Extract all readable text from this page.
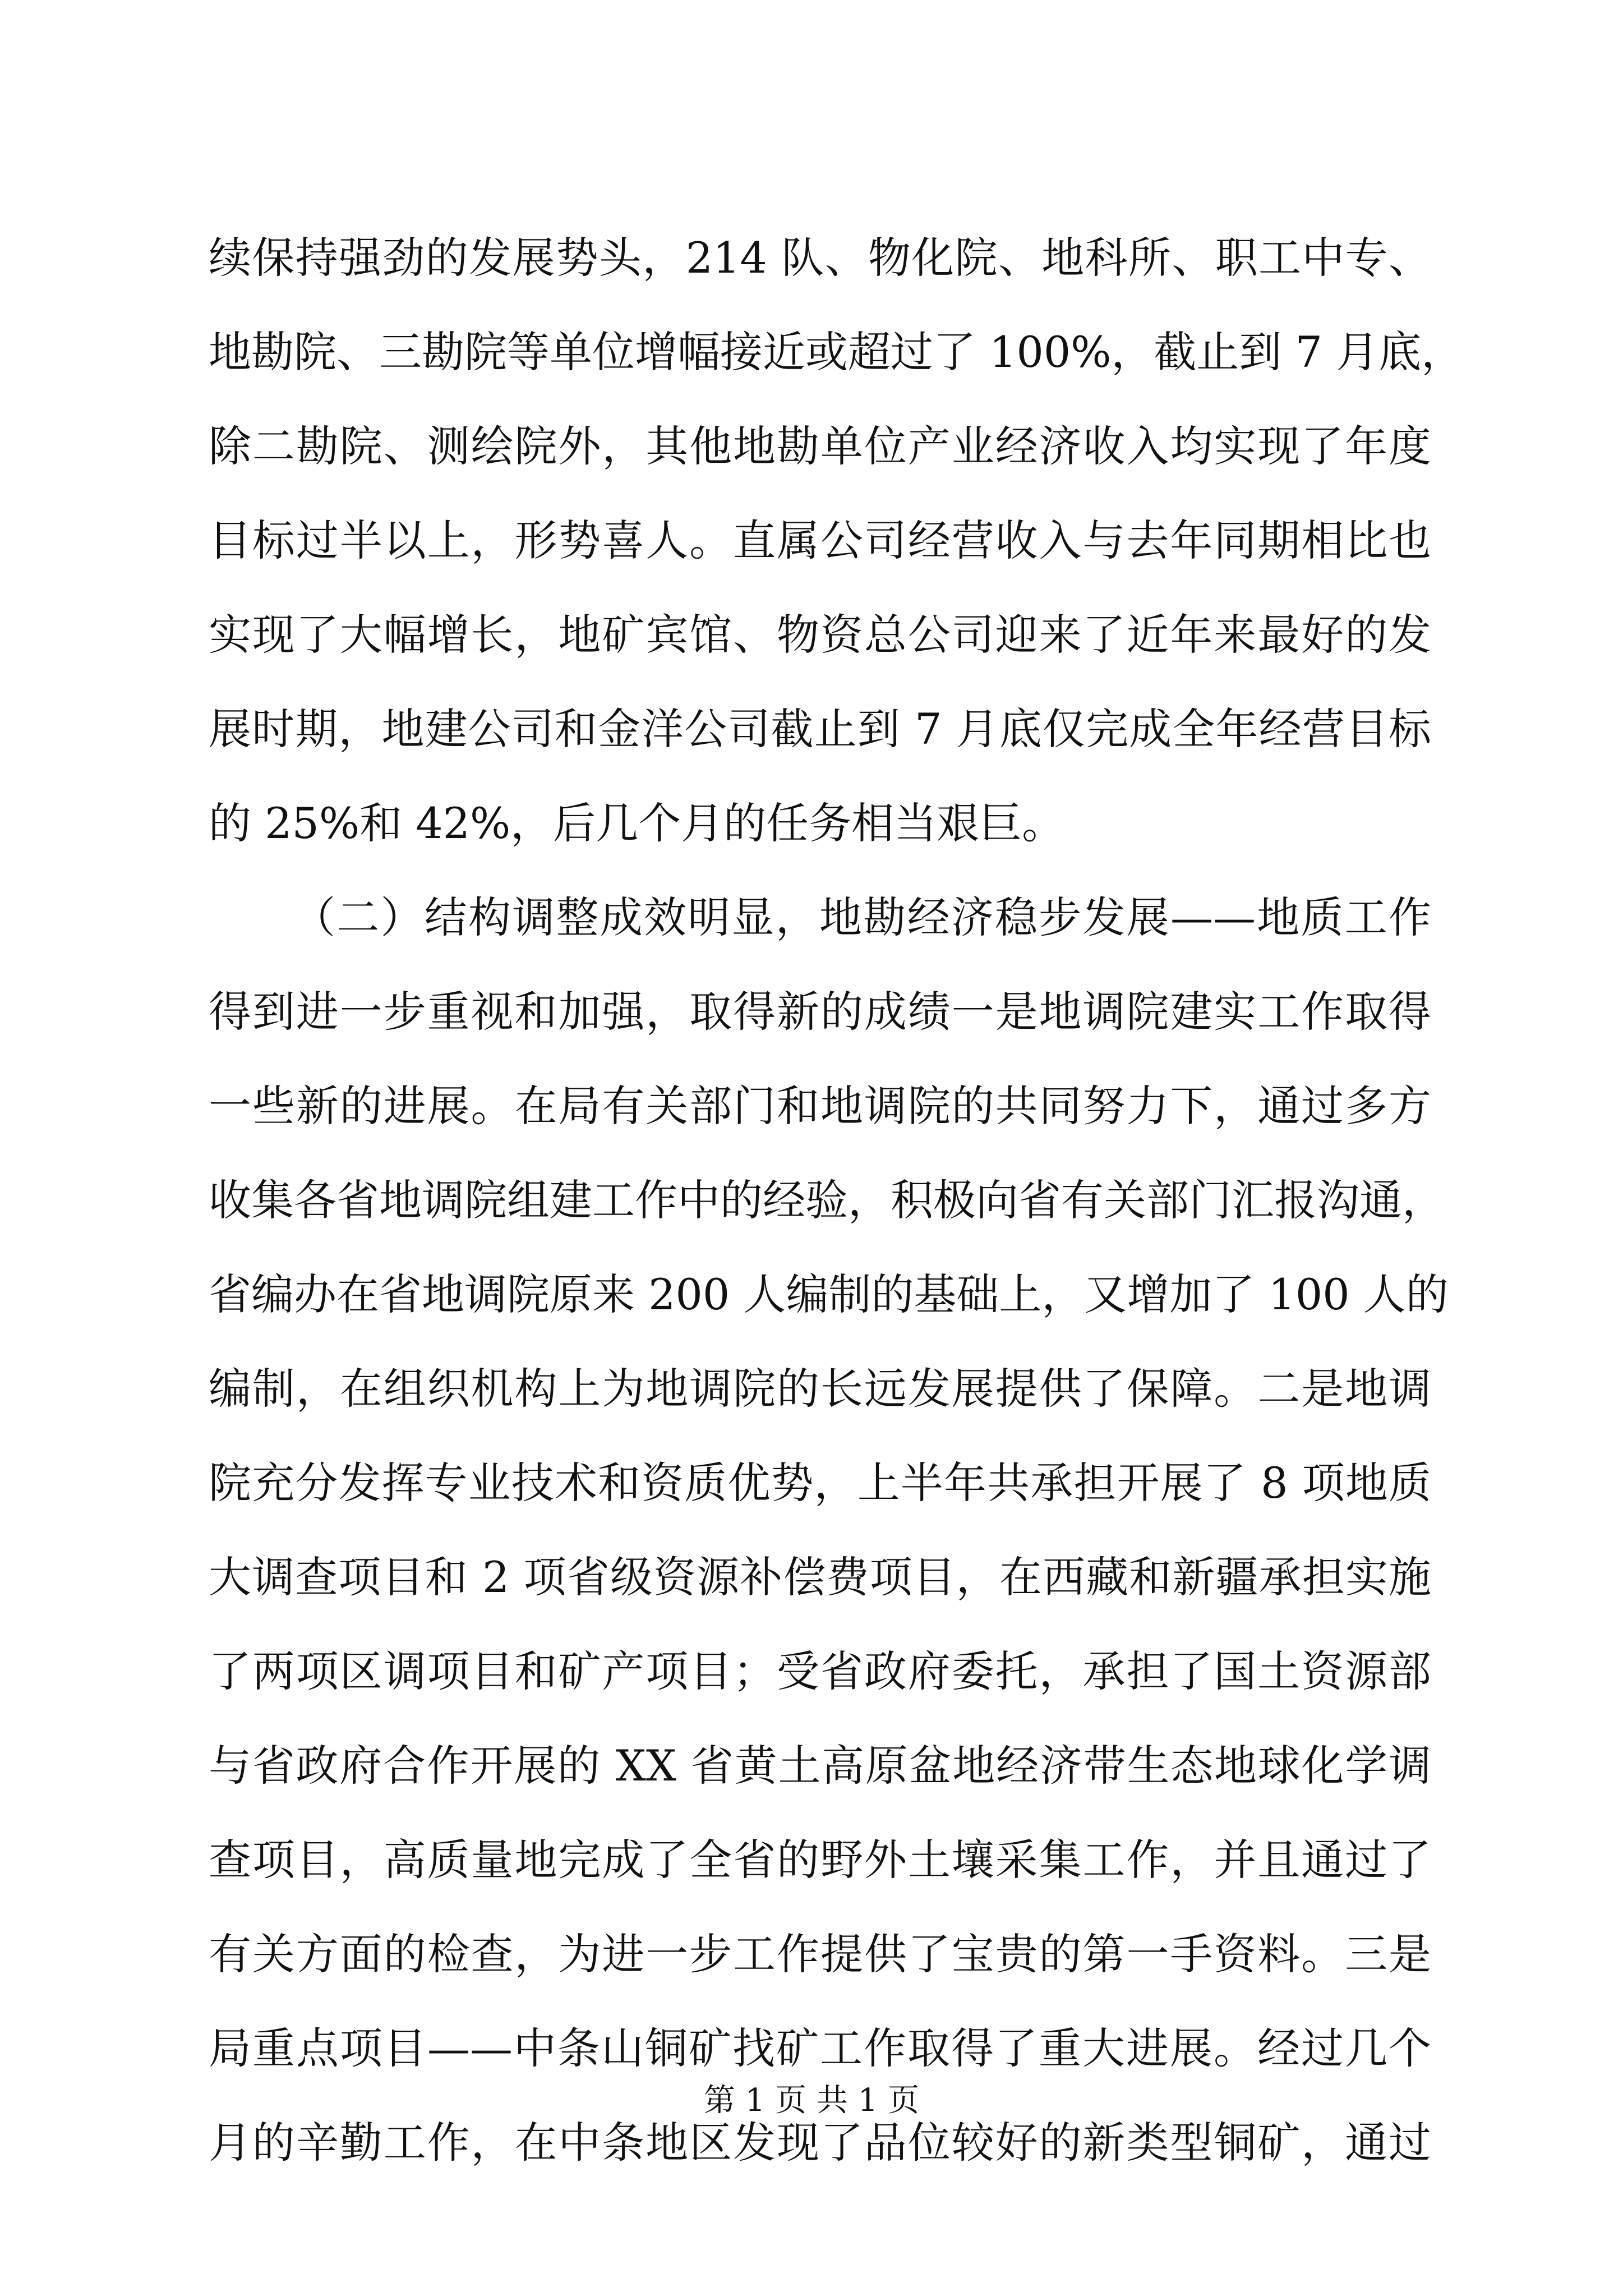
续保持强劲的发展势头，214 队、物化院、地科所、职工中专、
地勘院、三勘院等单位增幅接近或超过了 100%，截止到 7 月底，
除二勘院、测绘院外，其他地勘单位产业经济收入均实现了年度
目标过半以上，形势喜人。直属公司经营收入与去年同期相比也
实现了大幅增长，地矿宾馆、物资总公司迎来了近年来最好的发
展时期，地建公司和金洋公司截止到 7 月底仅完成全年经营目标
的 25%和 42%，后几个月的任务相当艰巨。
（二）结构调整成效明显，地勘经济稳步发展——地质工作
得到进一步重视和加强，取得新的成绩一是地调院建实工作取得
一些新的进展。在局有关部门和地调院的共同努力下，通过多方
收集各省地调院组建工作中的经验，积极向省有关部门汇报沟通，
省编办在省地调院原来 200 人编制的基础上，又增加了 100 人的
编制，在组织机构上为地调院的长远发展提供了保障。二是地调
院充分发挥专业技术和资质优势，上半年共承担开展了 8 项地质
大调查项目和 2 项省级资源补偿费项目，在西藏和新疆承担实施
了两项区调项目和矿产项目；受省政府委托，承担了国土资源部
与省政府合作开展的 XX 省黄土高原盆地经济带生态地球化学调
查项目，高质量地完成了全省的野外土壤采集工作，并且通过了
有关方面的检查，为进一步工作提供了宝贵的第一手资料。三是
局重点项目——中条山铜矿找矿工作取得了重大进展。经过几个
月的辛勤工作，在中条地区发现了品位较好的新类型铜矿，通过
第 1 页 共 1 页
